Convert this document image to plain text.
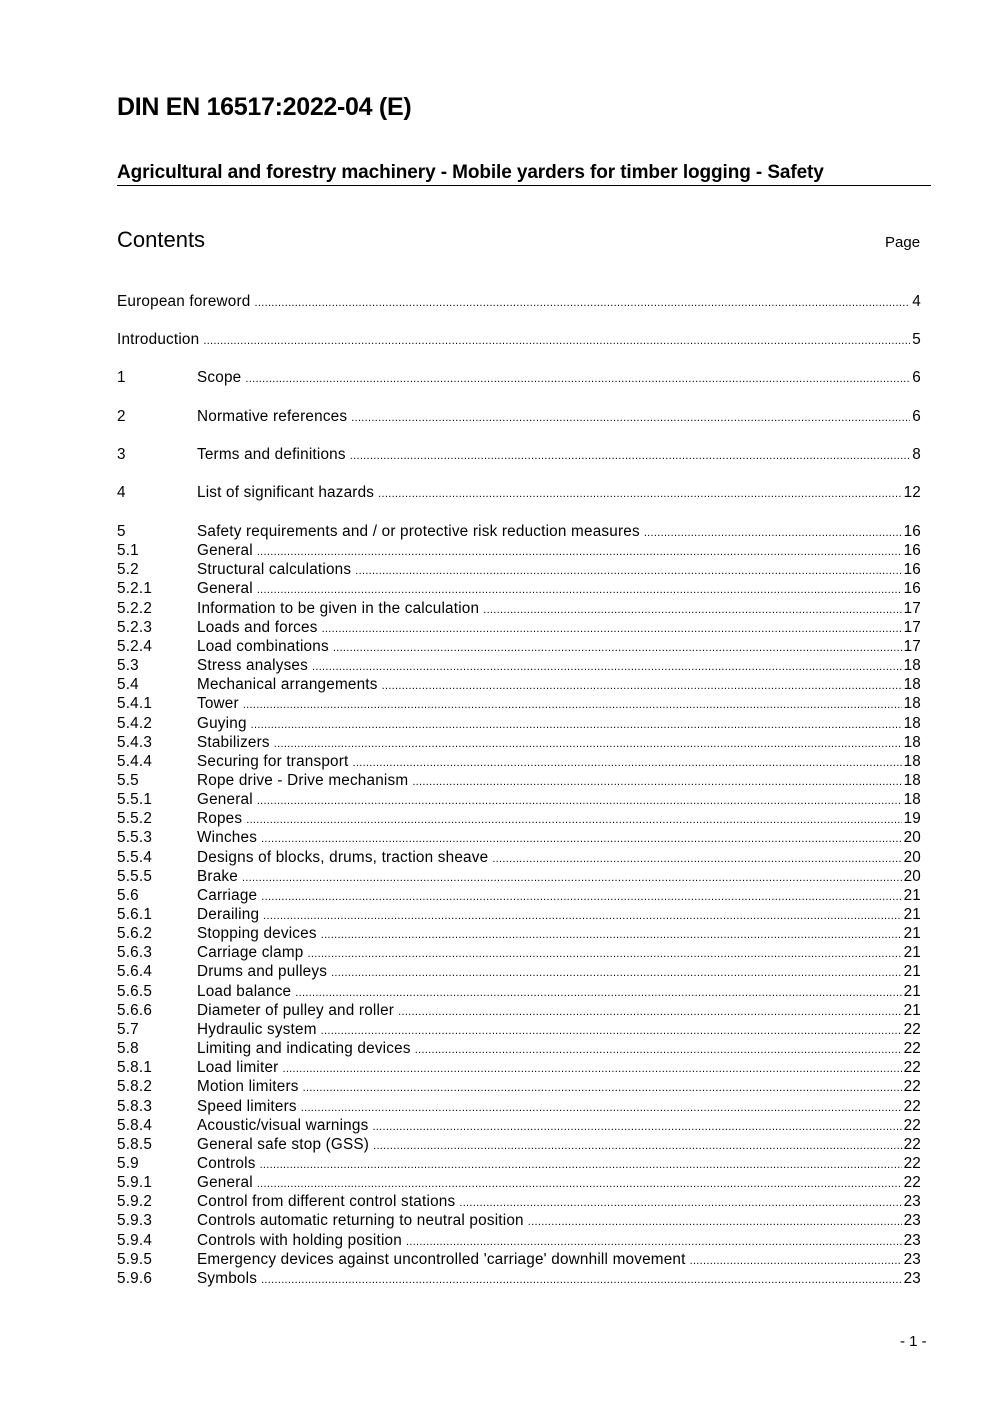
DIN EN 16517:2022-04 (E)
Agricultural and forestry machinery - Mobile yarders for timber logging - Safety
Contents	Page
European foreword .....	4
Introduction .....	5
1	Scope .....	6
2	Normative references .....	6
3	Terms and definitions .....	8
4	List of significant hazards .....	12
5	Safety requirements and / or protective risk reduction measures .....	16
5.1	General .....	16
5.2	Structural calculations .....	16
5.2.1	General .....	16
5.2.2	Information to be given in the calculation .....	17
5.2.3	Loads and forces .....	17
5.2.4	Load combinations .....	17
5.3	Stress analyses .....	18
5.4	Mechanical arrangements .....	18
5.4.1	Tower .....	18
5.4.2	Guying .....	18
5.4.3	Stabilizers .....	18
5.4.4	Securing for transport .....	18
5.5	Rope drive - Drive mechanism .....	18
5.5.1	General .....	18
5.5.2	Ropes .....	19
5.5.3	Winches .....	20
5.5.4	Designs of blocks, drums, traction sheave .....	20
5.5.5	Brake .....	20
5.6	Carriage .....	21
5.6.1	Derailing .....	21
5.6.2	Stopping devices .....	21
5.6.3	Carriage clamp .....	21
5.6.4	Drums and pulleys .....	21
5.6.5	Load balance .....	21
5.6.6	Diameter of pulley and roller .....	21
5.7	Hydraulic system .....	22
5.8	Limiting and indicating devices .....	22
5.8.1	Load limiter .....	22
5.8.2	Motion limiters .....	22
5.8.3	Speed limiters .....	22
5.8.4	Acoustic/visual warnings .....	22
5.8.5	General safe stop (GSS) .....	22
5.9	Controls .....	22
5.9.1	General .....	22
5.9.2	Control from different control stations .....	23
5.9.3	Controls automatic returning to neutral position .....	23
5.9.4	Controls with holding position .....	23
5.9.5	Emergency devices against uncontrolled 'carriage' downhill movement .....	23
5.9.6	Symbols .....	23
- 1 -
